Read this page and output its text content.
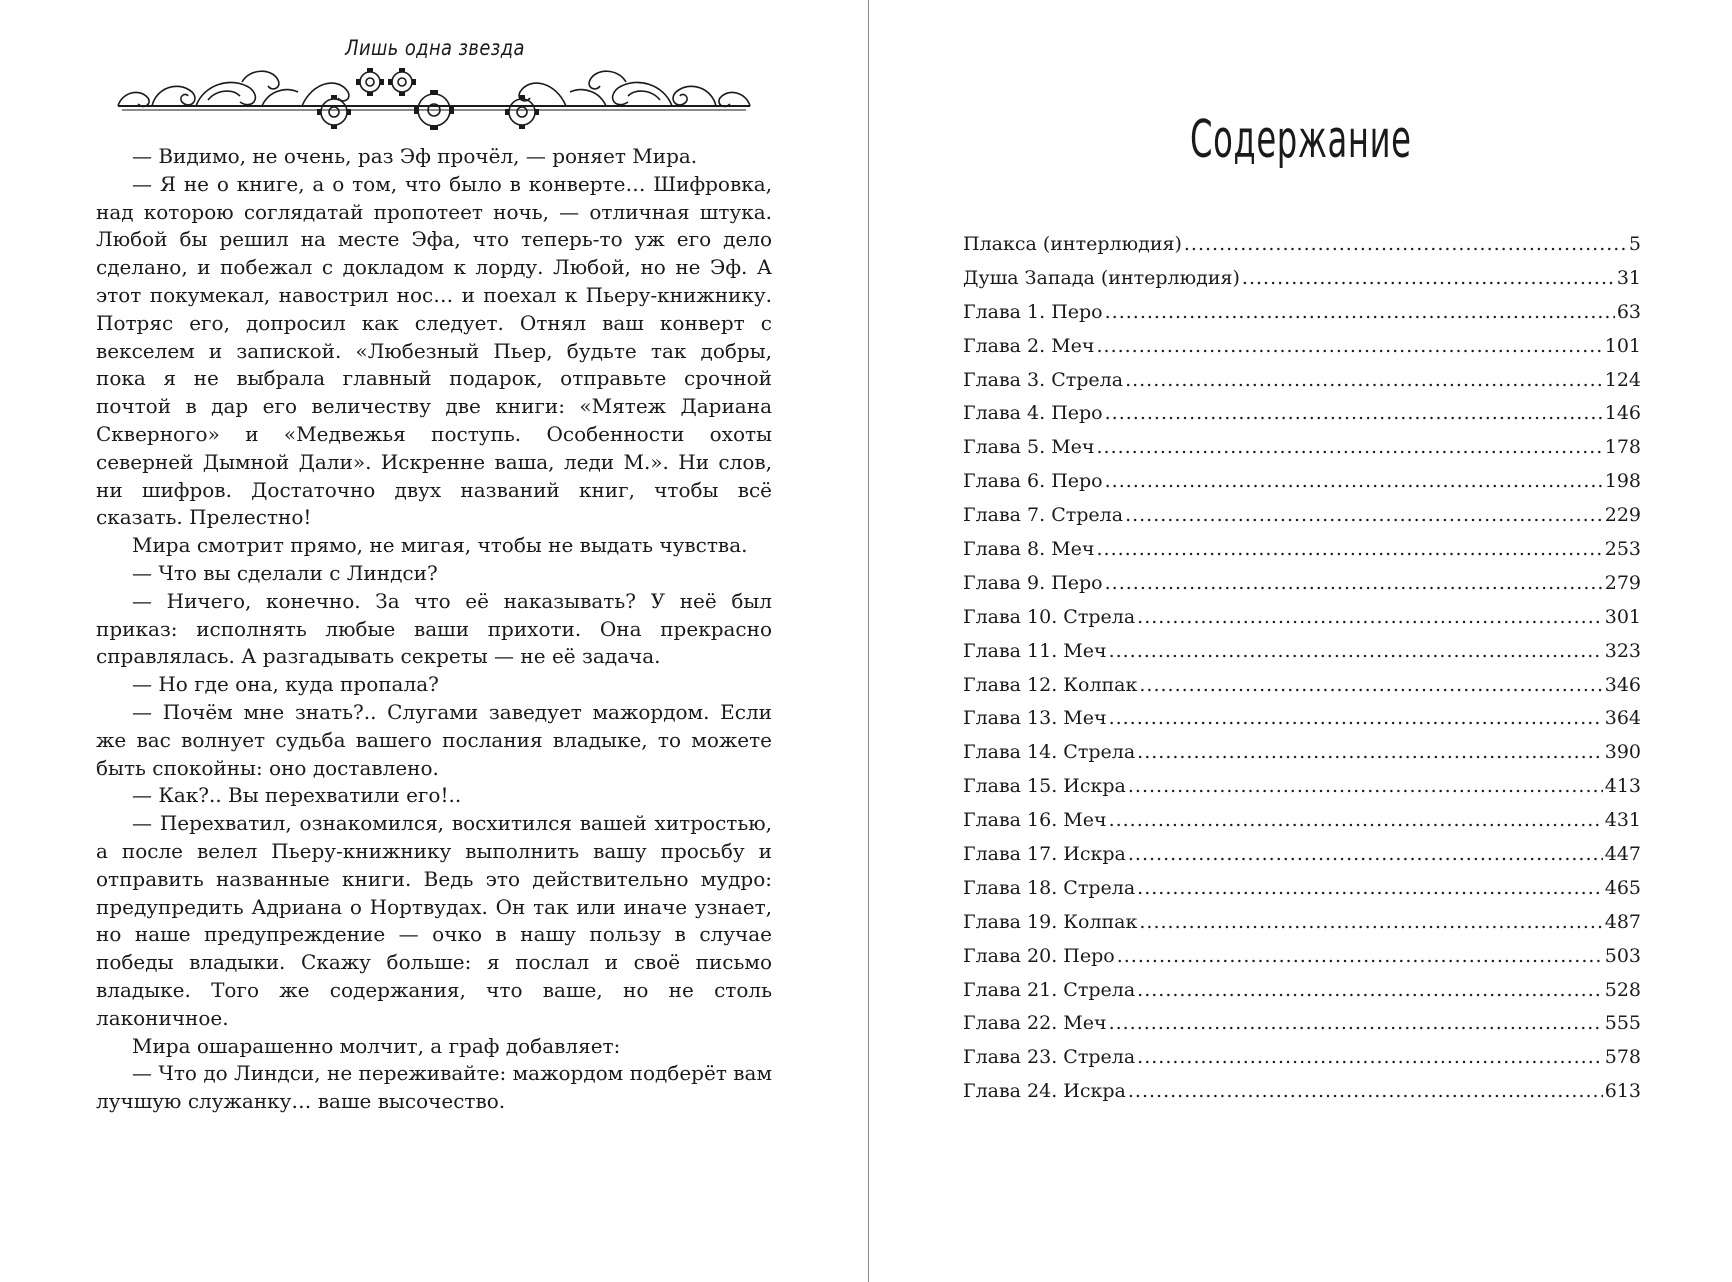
Лишь одна звезда

— Видимо, не очень, раз Эф прочёл, — роняет Мира.

— Я не о книге, а о том, что было в конверте… Шифровка, над которою соглядатай пропотеет ночь, — отличная штука. Любой бы решил на месте Эфа, что теперь-то уж его дело сделано, и побежал с докладом к лорду. Любой, но не Эф. А этот покумекал, навострил нос… и поехал к Пьеру-книжнику. Потряс его, допросил как следует. Отнял ваш конверт с векселем и запиской. «Любезный Пьер, будьте так добры, пока я не выбрала главный подарок, отправьте срочной почтой в дар его величеству две книги: «Мятеж Дариана Скверного» и «Медвежья поступь. Особенности охоты северней Дымной Дали». Искренне ваша, леди М.». Ни слов, ни шифров. Достаточно двух названий книг, чтобы всё сказать. Прелестно!

Мира смотрит прямо, не мигая, чтобы не выдать чувства.

— Что вы сделали с Линдси?

— Ничего, конечно. За что её наказывать? У неё был приказ: исполнять любые ваши прихоти. Она прекрасно справлялась. А разгадывать секреты — не её задача.

— Но где она, куда пропала?

— Почём мне знать?.. Слугами заведует мажордом. Если же вас волнует судьба вашего послания владыке, то можете быть спокойны: оно доставлено.

— Как?.. Вы перехватили его!..

— Перехватил, ознакомился, восхитился вашей хитростью, а после велел Пьеру-книжнику выполнить вашу просьбу и отправить названные книги. Ведь это действительно мудро: предупредить Адриана о Нортвудах. Он так или иначе узнает, но наше предупреждение — очко в нашу пользу в случае победы владыки. Скажу больше: я послал и своё письмо владыке. Того же содержания, что ваше, но не столь лаконичное.

Мира ошарашенно молчит, а граф добавляет:

— Что до Линдси, не переживайте: мажордом подберёт вам лучшую служанку… ваше высочество.

Содержание
Плакса (интерлюдия) .....	5
Душа Запада (интерлюдия) .....	31
Глава 1. Перо .....	63
Глава 2. Меч .....	101
Глава 3. Стрела .....	124
Глава 4. Перо .....	146
Глава 5. Меч .....	178
Глава 6. Перо .....	198
Глава 7. Стрела .....	229
Глава 8. Меч .....	253
Глава 9. Перо .....	279
Глава 10. Стрела .....	301
Глава 11. Меч .....	323
Глава 12. Колпак .....	346
Глава 13. Меч .....	364
Глава 14. Стрела .....	390
Глава 15. Искра .....	413
Глава 16. Меч .....	431
Глава 17. Искра .....	447
Глава 18. Стрела .....	465
Глава 19. Колпак .....	487
Глава 20. Перо .....	503
Глава 21. Стрела .....	528
Глава 22. Меч .....	555
Глава 23. Стрела .....	578
Глава 24. Искра .....	613
